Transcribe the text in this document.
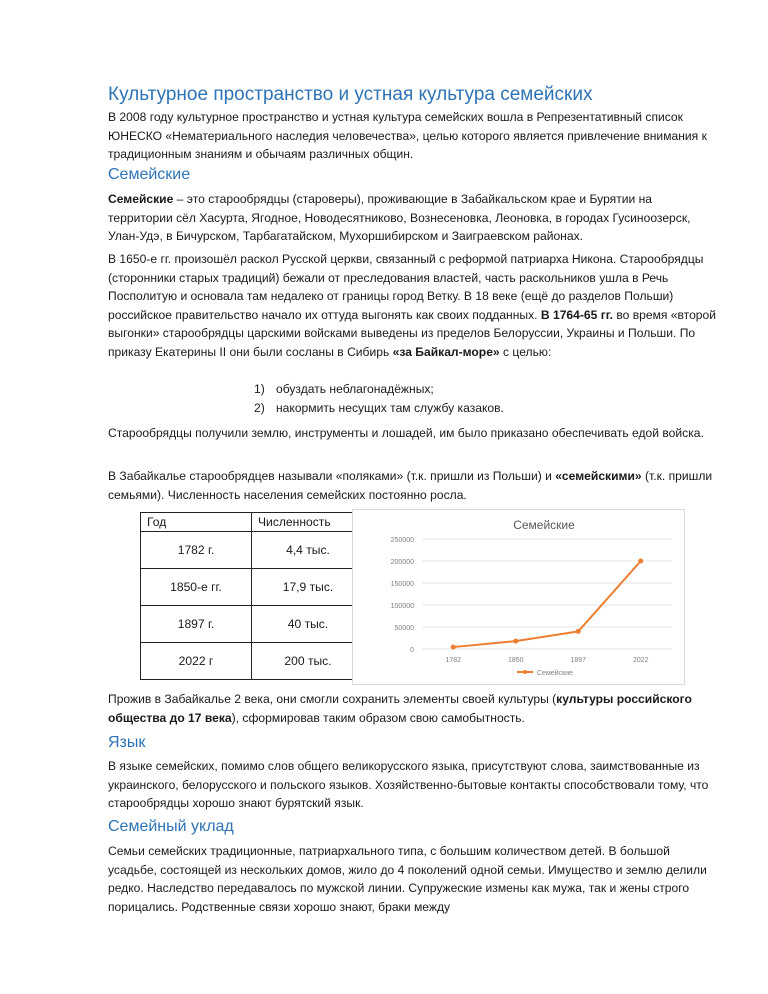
Культурное пространство и устная культура семейских

В 2008 году культурное пространство и устная культура семейских вошла в Репрезентативный список ЮНЕСКО «Нематериального наследия человечества», целью которого является привлечение внимания к традиционным знаниям и обычаям различных общин.

Семейские

Семейские – это старообрядцы (староверы), проживающие в Забайкальском крае и Бурятии на территории сёл Хасурта, Ягодное, Новодесятниково, Вознесеновка, Леоновка, в городах Гусиноозерск, Улан-Удэ, в Бичурском, Тарбагатайском, Мухоршибирском и Заиграевском районах.

В 1650-е гг. произошёл раскол Русской церкви, связанный с реформой патриарха Никона. Старообрядцы (сторонники старых традиций) бежали от преследования властей, часть раскольников ушла в Речь Посполитую и основала там недалеко от границы город Ветку. В 18 веке (ещё до разделов Польши) российское правительство начало их оттуда выгонять как своих подданных. В 1764-65 гг. во время «второй выгонки» старообрядцы царскими войсками выведены из пределов Белоруссии, Украины и Польши. По приказу Екатерины II они были сосланы в Сибирь «за Байкал-море» с целью:

1) обуздать неблагонадёжных;
2) накормить несущих там службу казаков.

Старообрядцы получили землю, инструменты и лошадей, им было приказано обеспечивать едой войска.

В Забайкалье старообрядцев называли «поляками» (т.к. пришли из Польши) и «семейскими» (т.к. пришли семьями). Численность населения семейских постоянно росла.

Год	Численность
1782 г.	4,4 тыс.
1850-е гг.	17,9 тыс.
1897 г.	40 тыс.
2022 г	200 тыс.
Семейские
0
50000
100000
150000
200000
250000
1782	1850	1897	2022
Семейские

Прожив в Забайкалье 2 века, они смогли сохранить элементы своей культуры (культуры российского общества до 17 века), сформировав таким образом свою самобытность.

Язык

В языке семейских, помимо слов общего великорусского языка, присутствуют слова, заимствованные из украинского, белорусского и польского языков. Хозяйственно-бытовые контакты способствовали тому, что старообрядцы хорошо знают бурятский язык.

Семейный уклад

Семьи семейских традиционные, патриархального типа, с большим количеством детей. В большой усадьбе, состоящей из нескольких домов, жило до 4 поколений одной семьи. Имущество и землю делили редко. Наследство передавалось по мужской линии. Супружеские измены как мужа, так и жены строго порицались. Родственные связи хорошо знают, браки между
